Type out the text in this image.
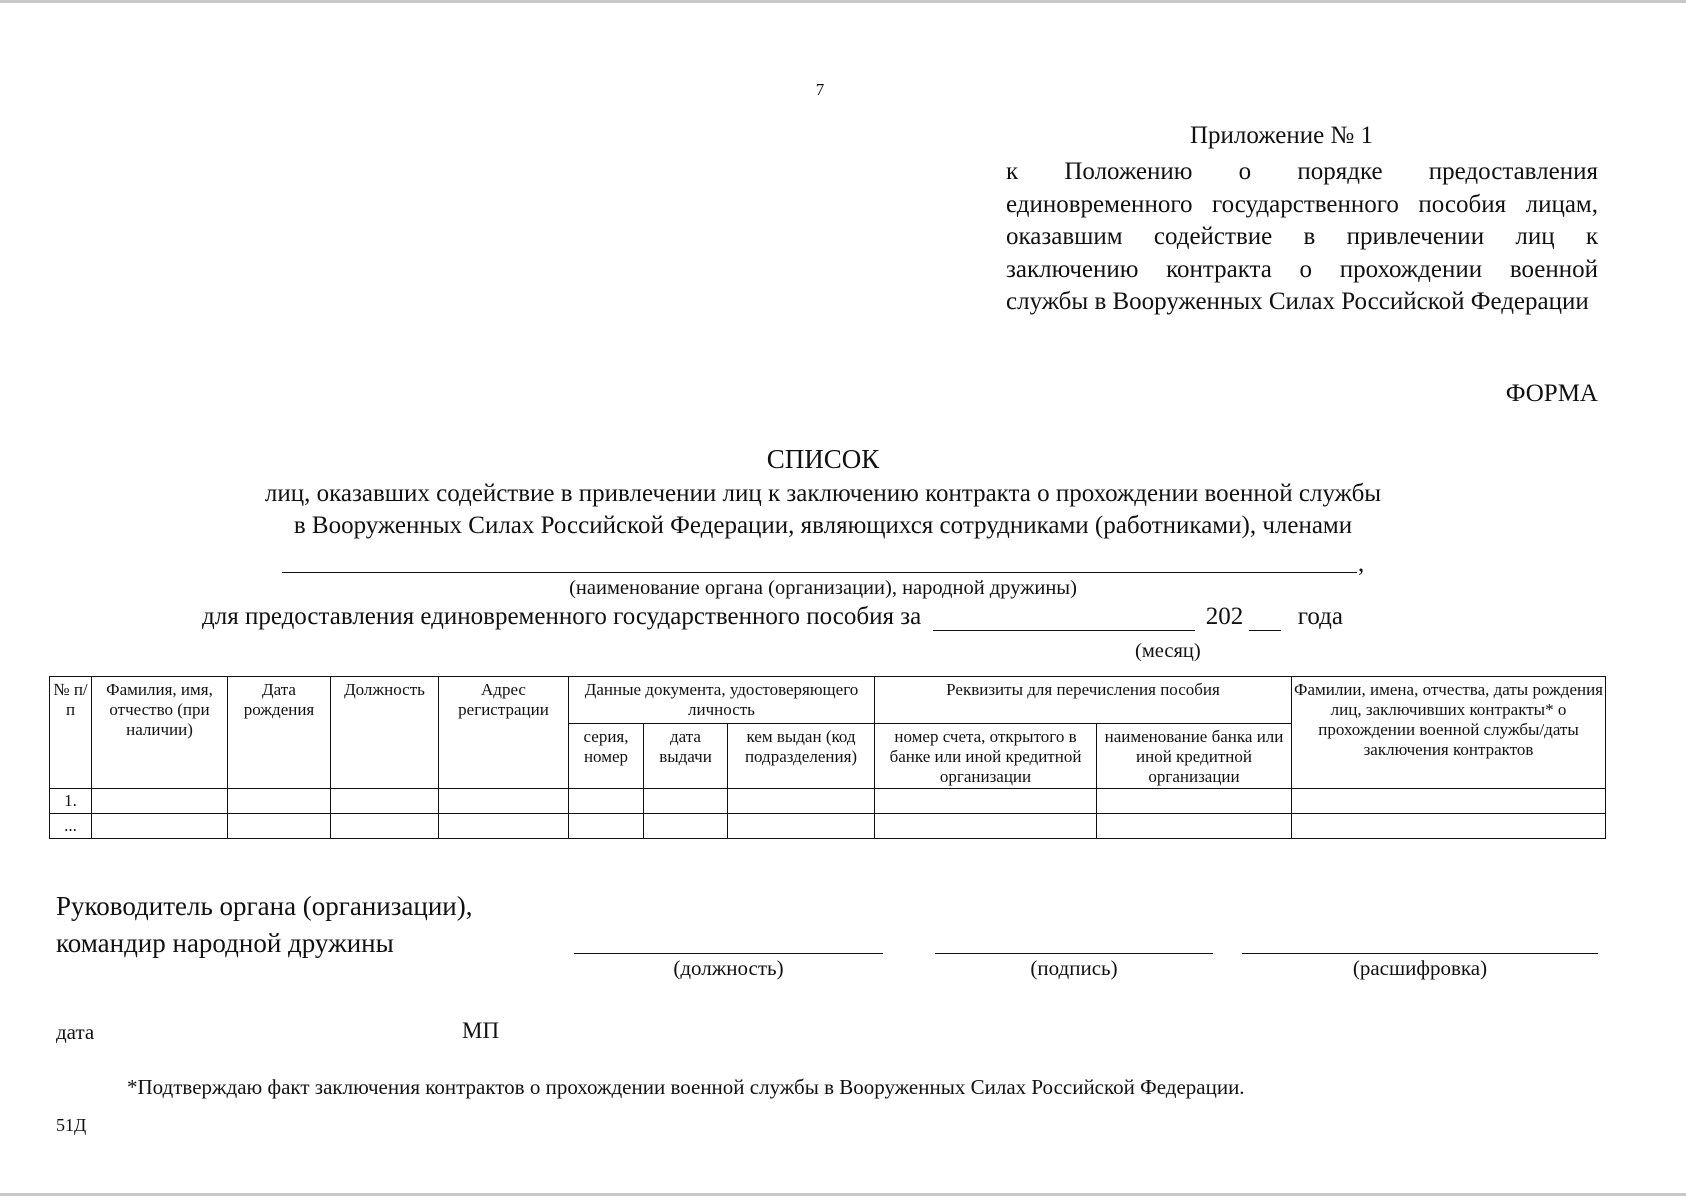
7
Приложение № 1
к Положению о порядке предоставления единовременного государственного пособия лицам, оказавшим содействие в привлечении лиц к заключению контракта о прохождении военной службы в Вооруженных Силах Российской Федерации
ФОРМА
СПИСОК
лиц, оказавших содействие в привлечении лиц к заключению контракта о прохождении военной службы
в Вооруженных Силах Российской Федерации, являющихся сотрудниками (работниками), членами
,
(наименование органа (организации), народной дружины)
для предоставления единовременного государственного пособия за	202 года
(месяц)
№ п/п	Фамилия, имя, отчество (при наличии)	Дата рождения	Должность	Адрес регистрации	Данные документа, удостоверяющего личность			Реквизиты для перечисления пособия		Фамилии, имена, отчества, даты рождения лиц, заключивших контракты* о прохождении военной службы/даты заключения контрактов
					серия, номер	дата выдачи	кем выдан (код подразделения)	номер счета, открытого в банке или иной кредитной организации	наименование банка или иной кредитной организации	
1.										
...										
Руководитель органа (организации),
командир народной дружины
(должность)	(подпись)	(расшифровка)
дата	МП
*Подтверждаю факт заключения контрактов о прохождении военной службы в Вооруженных Силах Российской Федерации.
51Д
